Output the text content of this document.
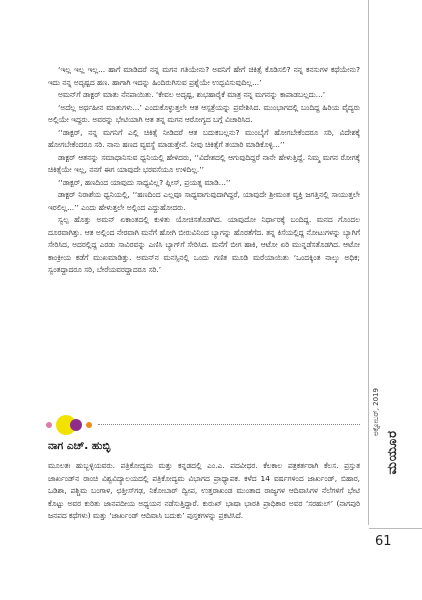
‘ಇಲ್ಲ ಇಲ್ಲ ಇಲ್ಲ... ಹಾಗೆ ಮಾಡಿದರೆ ನನ್ನ ಮಗನ ಗತಿಯೇನು? ಅವನಿಗೆ ಹೇಗೆ ಚಿಕಿತ್ಸೆ ಕೊಡಿಸಲಿ? ನನ್ನ ಕನಸುಗಳ ಕಥೆಯೇನು? ಇದು ನನ್ನ ಅದೃಷ್ಟದ ಹಣ. ಹಾಗಾಗಿ ಇದನ್ನು ಹಿಂದಿರುಗಿಸುವ ಪ್ರಶ್ನೆಯೇ ಉದ್ಭವಿಸುವುದಿಲ್ಲ...’

ಅಮನ್‌ಗೆ ಡಾಕ್ಟರ್ ಮಾತು ನೆನಪಾಯಿತು. ‘ಕೇವಲ ಅದೃಷ್ಟ, ಶುಭಹಾರೈಕೆ ಮಾತ್ರ ನನ್ನ ಮಗನನ್ನು ಕಾಪಾಡಬಲ್ಲದು...’

‘ಅದೆಲ್ಲ ಅರ್ಥಹೀನ ಮಾತುಗಳು...’ ಎಂದುಕೊಳ್ಳುತ್ತಲೇ ಆತ ಆಸ್ಪತ್ರೆಯನ್ನು ಪ್ರವೇಶಿಸಿದ. ಮುಂಭಾಗದಲ್ಲಿ ಬಂದಿದ್ದ ಹಿರಿಯ ವೈದ್ಯರು ಅಲ್ಲಿಯೇ ಇದ್ದರು. ಅವರನ್ನು ಭೇಟಿಯಾಗಿ ಆತ ತನ್ನ ಮಗನ ಆರೋಗ್ಯದ ಬಗ್ಗೆ ವಿಚಾರಿಸಿದ.

‘‘ಡಾಕ್ಟರ್, ನನ್ನ ಮಗನಿಗೆ ಎಲ್ಲಿ ಚಿಕಿತ್ಸೆ ನೀಡಿದರೆ ಆತ ಬದುಕಬಲ್ಲನು? ಮುಂಬೈಗೆ ಹೋಗಬೇಕೆಂದರೂ ಸರಿ, ವಿದೇಶಕ್ಕೆ ಹೋಗಬೇಕೆಂದರೂ ಸರಿ. ನಾನು ಹಣದ ವ್ಯವಸ್ಥೆ ಮಾಡುತ್ತೇನೆ. ನೀವು ಚಿಕಿತ್ಸೆಗೆ ತಯಾರಿ ಮಾಡಿಕೊಳ್ಳಿ...’’

ಡಾಕ್ಟರ್ ಆತನನ್ನು ಸಮಾಧಾನಿಸುವ ಧ್ವನಿಯಲ್ಲಿ ಹೇಳಿದರು, ‘‘ವಿದೇಶದಲ್ಲಿ ಆಗುವುದಿದ್ದರೆ ನಾನೇ ಹೇಳುತ್ತಿದ್ದೆ. ನಿಮ್ಮ ಮಗನ ರೋಗಕ್ಕೆ ಚಿಕಿತ್ಸೆಯೇ ಇಲ್ಲ, ನನಗೆ ಈಗ ಯಾವುದೇ ಭರವಸೆಯೂ ಉಳಿದಿಲ್ಲ.’’

‘‘ಡಾಕ್ಟರ್, ಹಣದಿಂದ ಯಾವುದು ಸಾಧ್ಯವಿಲ್ಲ? ಪ್ಲೀಸ್, ಪ್ರಯತ್ನ ಮಾಡಿ...’’

ಡಾಕ್ಟರ್ ನಿರಾಶೆಯ ಧ್ವನಿಯಲ್ಲಿ, ‘‘ಹಣದಿಂದ ಎಲ್ಲವೂ ಸಾಧ್ಯವಾಗುವುದಾಗಿದ್ದರೆ, ಯಾವುದೇ ಶ್ರೀಮಂತ ವ್ಯಕ್ತಿ ಜಗತ್ತಿನಲ್ಲಿ ಸಾಯುತ್ತಲೇ ಇರಲಿಲ್ಲ...’’ ಎಂದು ಹೇಳುತ್ತಲೇ ಅಲ್ಲಿಂದ ಎದ್ದುಹೋದರು.

ಸ್ವಲ್ಪ ಹೊತ್ತು ಅಮನ್ ಏಕಾಂತದಲ್ಲಿ ಕುಳಿತು ಯೋಚಿಸತೊಡಗಿದ. ಯಾವುದೋ ನಿರ್ಧಾರಕ್ಕೆ ಬಂದಿದ್ದ. ಮನದ ಗೊಂದಲ ದೂರವಾಗಿತ್ತು. ಆತ ಅಲ್ಲಿಂದ ನೇರವಾಗಿ ಮನೆಗೆ ಹೋಗಿ ಬೀರುವಿನಿಂದ ಬ್ಯಾಗನ್ನು ಹೊರತೆಗೆದ. ತನ್ನ ಕಿಸೆಯಲ್ಲಿದ್ದ ನೋಟುಗಳನ್ನು ಬ್ಯಾಗಿಗೆ ಸೇರಿಸಿದ, ಅದರಲ್ಲಿದ್ದ ಎರಡು ಸಾವಿರವನ್ನು ಎಣಿಸಿ ಬ್ಯಾಗ್‌ಗೆ ಸೇರಿಸಿದ. ಮನೆಗೆ ಬೀಗ ಹಾಕಿ, ಆಟೋ ಏರಿ ಮುನ್ನಡೆಸತೊಡಗಿದ. ಆಟೋ ಕಾಂಕ್ರೀಯ ಕಡೆಗೆ ಮುಖಮಾಡಿತ್ತು. ಅಮನ್‌ನ ಮನಸ್ಸಿನಲ್ಲಿ ಒಂದು ಗಣಿತ ಮೂಡಿ ಮರೆಯಾಯಿತು ‘ಒಂದಕ್ಕಿಂತ ನಾಲ್ಕು ಅಧಿಕ; ಸ್ವಂತದ್ದಾದರೂ ಸರಿ, ಬೇರೆಯವರದ್ದಾದರೂ ಸರಿ.’

ನಾಗ ಎಚ್. ಹುಬ್ಳಿ
ಮೂಲತಃ ಹುಬ್ಬಳ್ಳಿಯವರು. ಪತ್ರಿಕೋದ್ಯಮ ಮತ್ತು ಕನ್ನಡದಲ್ಲಿ ಎಂ.ಎ. ಪದವೀಧರ. ಕೆಲಕಾಲ ಪತ್ರಕರ್ತರಾಗಿ ಕೆಲಸ. ಪ್ರಸ್ತುತ ಜಾರ್ಖಂಡ್‌ನ ರಾಂಚಿ ವಿಶ್ವವಿದ್ಯಾಲಯದಲ್ಲಿ ಪತ್ರಿಕೋದ್ಯಮ ವಿಭಾಗದ ಪ್ರಾಧ್ಯಾಪಕ. ಕಳೆದ 14 ವರ್ಷಗಳಿಂದ ಜಾರ್ಖಂಡ್, ಬಿಹಾರ, ಒಡಿಶಾ, ಪಶ್ಚಿಮ ಬಂಗಾಳ, ಛತ್ತೀಸ್‌ಗಢ, ನಿಕೋಬಾರ್ ದ್ವೀಪ, ಉತ್ತರಾಖಂಡ ಮುಂತಾದ ರಾಜ್ಯಗಳ ಆದಿವಾಸಿಗಳ ನೆಲೆಗಳಿಗೆ ಭೇಟಿ ಕೊಟ್ಟು ಅವರ ಕುರಿತು ಜಾನಪದೀಯ ಅಧ್ಯಯನ ನಡೆಸುತ್ತಿದ್ದಾರೆ. ಕುರುಖ್ ಭಾಷಾ ಭಾರತಿ ಪ್ರಾಧಿಕಾರ ಅವರ ‘ಸರಹುಲ್’ (ನಾಗಪುರಿ ಜನಪದ ಕಥೆಗಳು) ಮತ್ತು ‘ಜಾರ್ಖಂಡ್ ಆದಿವಾಸಿ ಬದುಕು’ ಪುಸ್ತಕಗಳನ್ನು ಪ್ರಕಟಿಸಿದೆ.
ಅಕ್ಟೋಬರ್, 2019
ಮಯೂರ
61
